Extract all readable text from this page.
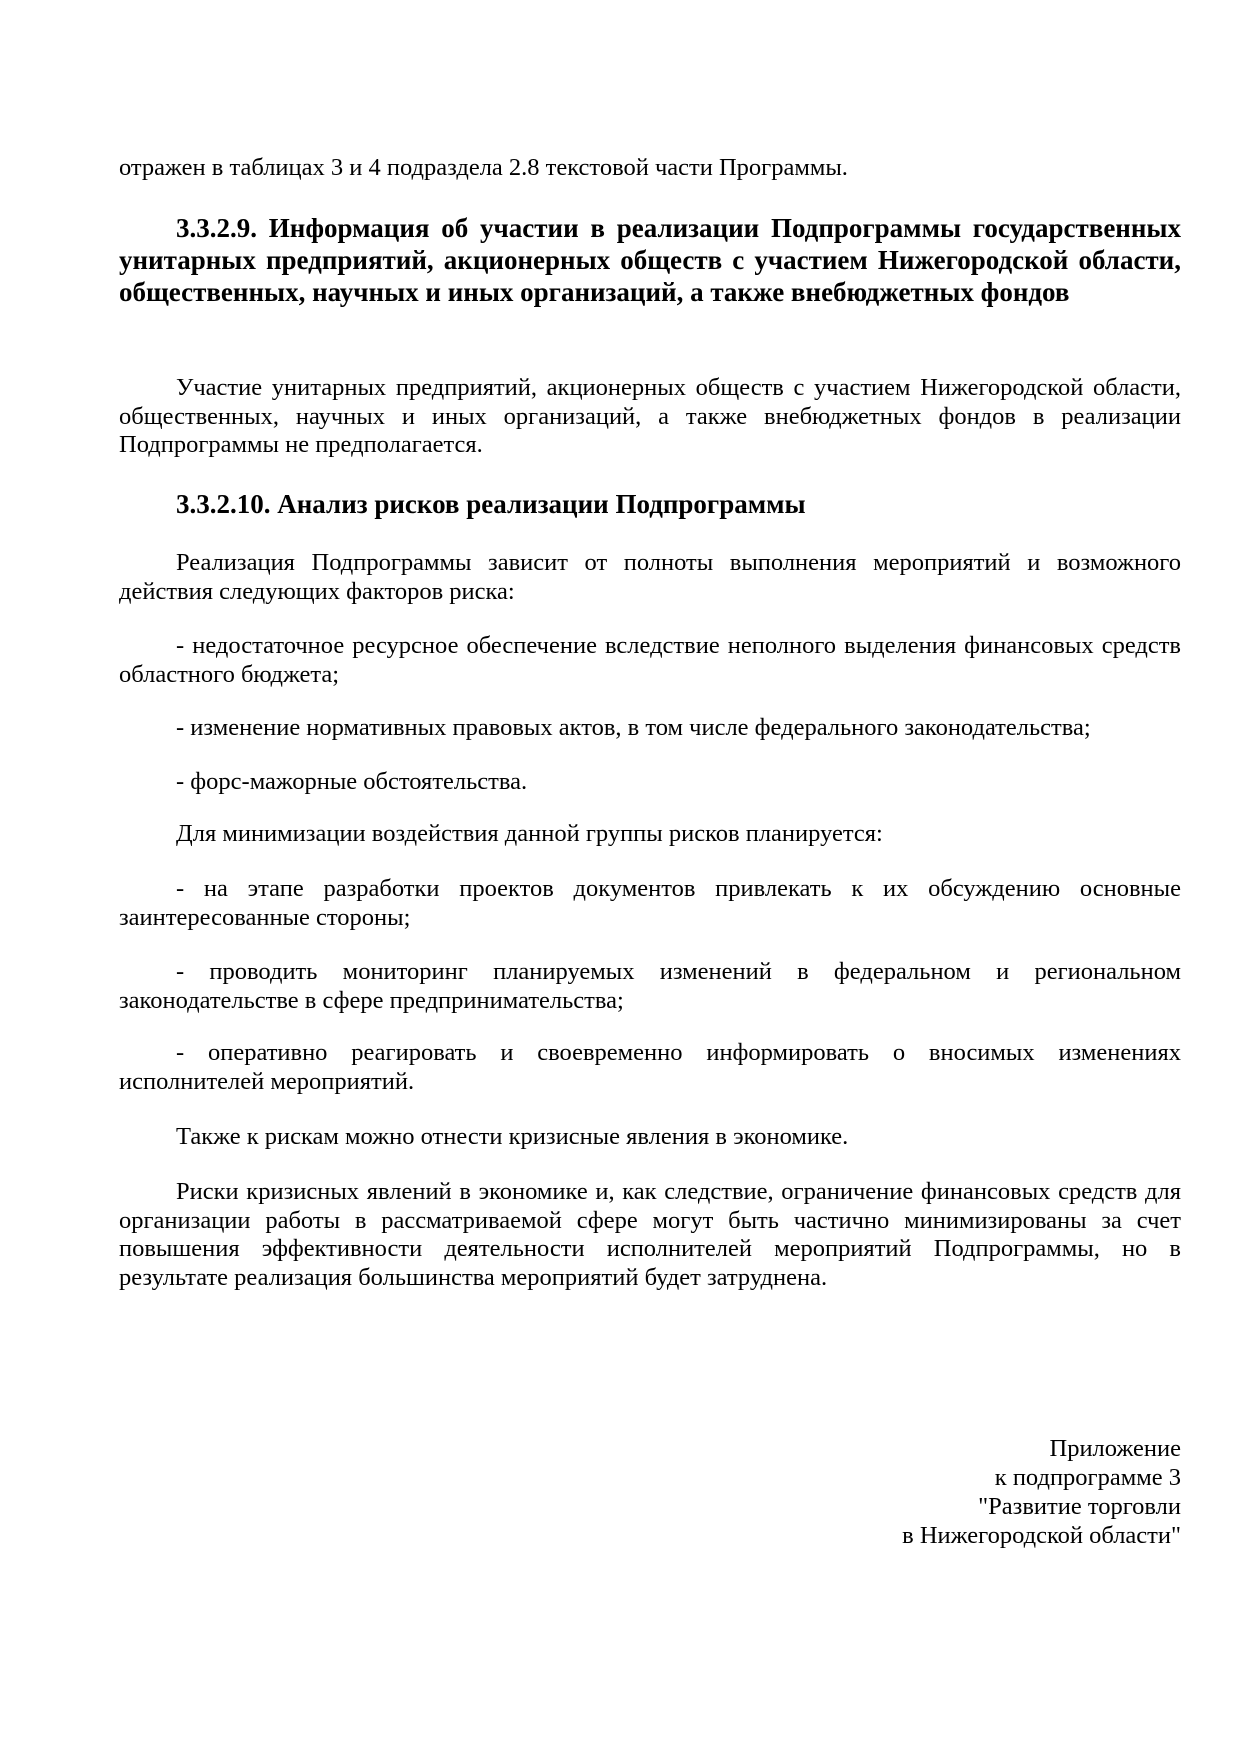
отражен в таблицах 3 и 4 подраздела 2.8 текстовой части Программы.
3.3.2.9. Информация об участии в реализации Подпрограммы государственных унитарных предприятий, акционерных обществ с участием Нижегородской области, общественных, научных и иных организаций, а также внебюджетных фондов
Участие унитарных предприятий, акционерных обществ с участием Нижегородской области, общественных, научных и иных организаций, а также внебюджетных фондов в реализации Подпрограммы не предполагается.
3.3.2.10. Анализ рисков реализации Подпрограммы
Реализация Подпрограммы зависит от полноты выполнения мероприятий и возможного действия следующих факторов риска:
- недостаточное ресурсное обеспечение вследствие неполного выделения финансовых средств областного бюджета;
- изменение нормативных правовых актов, в том числе федерального законодательства;
- форс-мажорные обстоятельства.
Для минимизации воздействия данной группы рисков планируется:
- на этапе разработки проектов документов привлекать к их обсуждению основные заинтересованные стороны;
- проводить мониторинг планируемых изменений в федеральном и региональном законодательстве в сфере предпринимательства;
- оперативно реагировать и своевременно информировать о вносимых изменениях исполнителей мероприятий.
Также к рискам можно отнести кризисные явления в экономике.
Риски кризисных явлений в экономике и, как следствие, ограничение финансовых средств для организации работы в рассматриваемой сфере могут быть частично минимизированы за счет повышения эффективности деятельности исполнителей мероприятий Подпрограммы, но в результате реализация большинства мероприятий будет затруднена.
Приложение
к подпрограмме 3
"Развитие торговли
в Нижегородской области"
